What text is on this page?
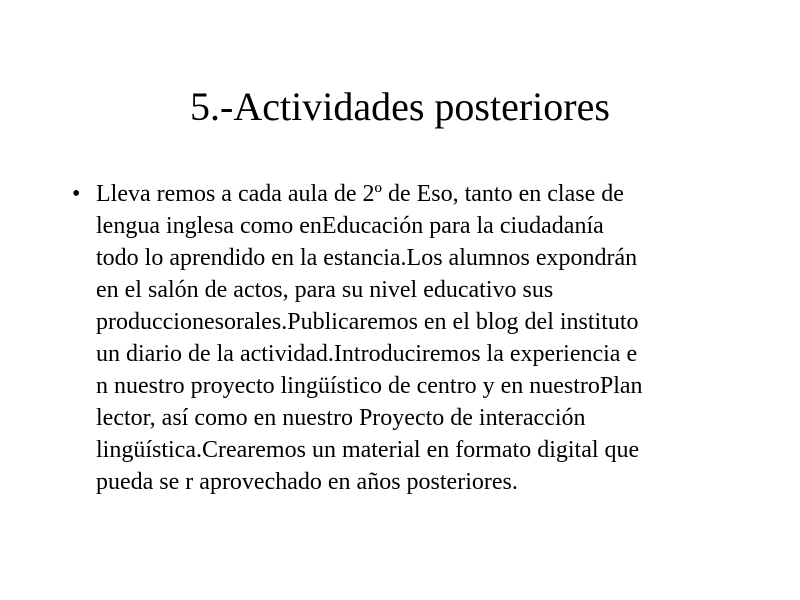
5.-Actividades posteriores
• Lleva remos a cada aula de 2º de Eso, tanto en clase de
lengua inglesa como enEducación para la ciudadanía
todo lo aprendido en la estancia.Los alumnos expondrán
en el salón de actos, para su nivel educativo sus
produccionesorales.Publicaremos en el blog del instituto
un diario de la actividad.Introduciremos la experiencia e
n nuestro proyecto lingüístico de centro y en nuestroPlan
lector, así como en nuestro Proyecto de interacción
lingüística.Crearemos un material en formato digital que
pueda se r aprovechado en años posteriores.
